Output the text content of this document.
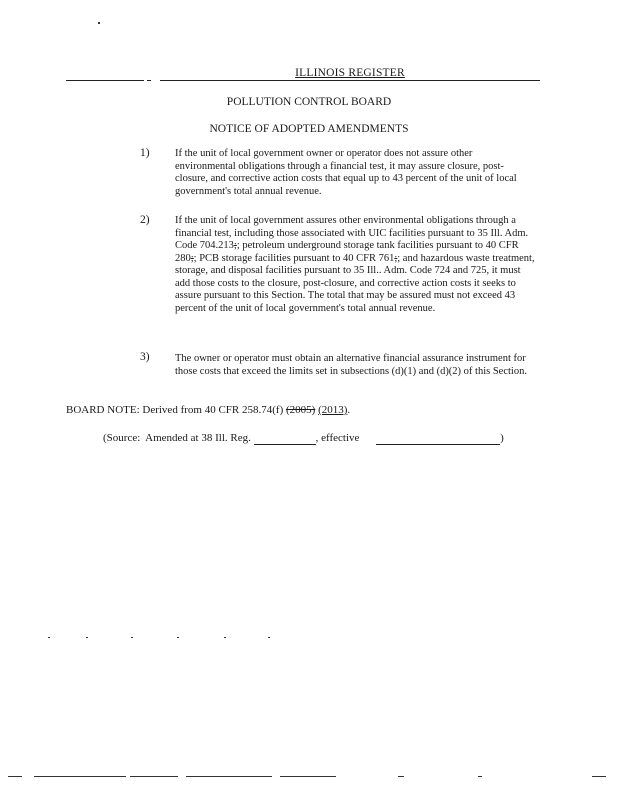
ILLINOIS REGISTER
POLLUTION CONTROL BOARD
NOTICE OF ADOPTED AMENDMENTS
1) If the unit of local government owner or operator does not assure other environmental obligations through a financial test, it may assure closure, post-closure, and corrective action costs that equal up to 43 percent of the unit of local government's total annual revenue.
2) If the unit of local government assures other environmental obligations through a financial test, including those associated with UIC facilities pursuant to 35 Ill. Adm. Code 704.213;; petroleum underground storage tank facilities pursuant to 40 CFR 280;; PCB storage facilities pursuant to 40 CFR 761;; and hazardous waste treatment, storage, and disposal facilities pursuant to 35 Ill.. Adm. Code 724 and 725, it must add those costs to the closure, post-closure, and corrective action costs it seeks to assure pursuant to this Section. The total that may be assured must not exceed 43 percent of the unit of local government's total annual revenue.
3) The owner or operator must obtain an alternative financial assurance instrument for those costs that exceed the limits set in subsections (d)(1) and (d)(2) of this Section.
BOARD NOTE: Derived from 40 CFR 258.74(f) (2005) (2013).
(Source:  Amended at 38 Ill. Reg.	, effective	)
